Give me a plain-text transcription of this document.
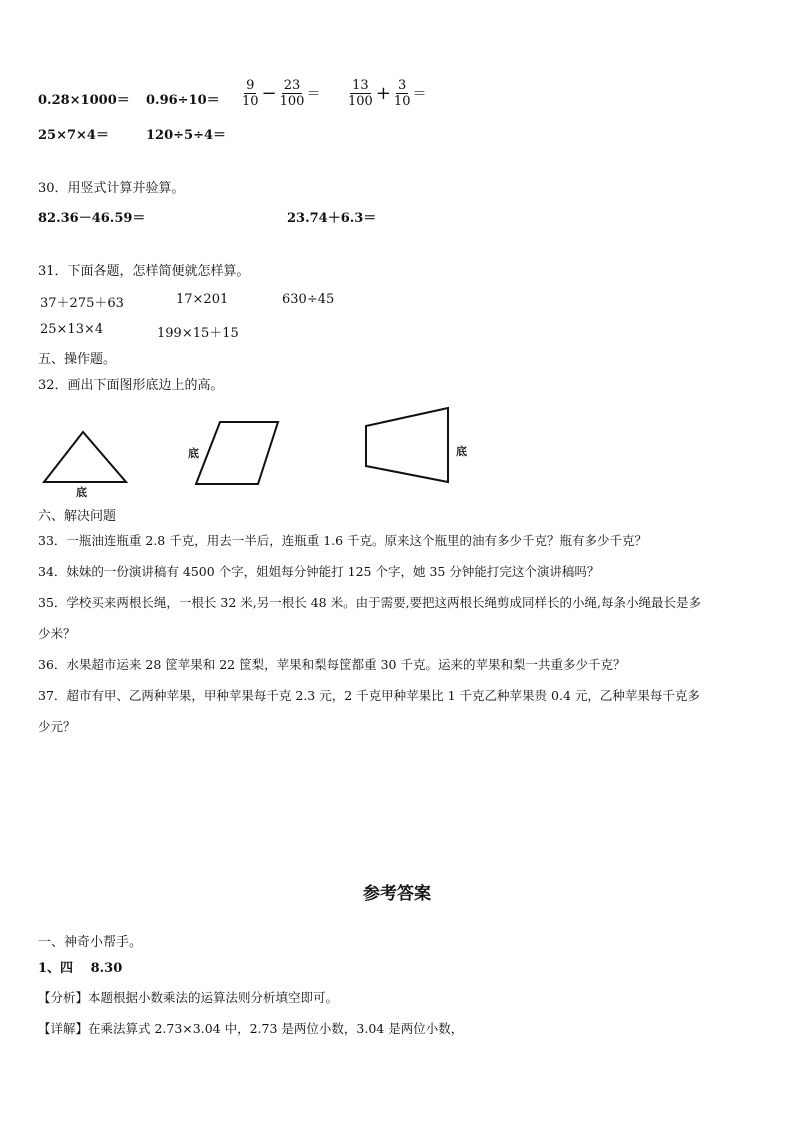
$0.28\times 1000= 0.96\div 10= \frac{9}{10} - \frac{23}{100} = \frac{13}{100} + \frac{3}{10}$ ＝
25×7×4＝	120÷5÷4＝
30．用竖式计算并验算。
82.36－46.59＝	23.74＋6.3＝
31．下面各题，怎样简便就怎样算。
37＋275＋63	17×201	630÷45
25×13×4	199×15＋15
五、操作题。
32．画出下面图形底边上的高。
底
底	底
六、解决问题
33．一瓶油连瓶重 2.8 千克，用去一半后，连瓶重 1.6 千克。原来这个瓶里的油有多少千克？瓶有多少千克？
34．妹妹的一份演讲稿有 4500 个字，姐姐每分钟能打 125 个字，她 35 分钟能打完这个演讲稿吗？
35．学校买来两根长绳，一根长 32 米,另一根长 48 米。由于需要,要把这两根长绳剪成同样长的小绳,每条小绳最长是多
少米？
36．水果超市运来 28 筐苹果和 22 筐梨，苹果和梨每筐都重 30 千克。运来的苹果和梨一共重多少千克？
37．超市有甲、乙两种苹果，甲种苹果每千克 2.3 元，2 千克甲种苹果比 1 千克乙种苹果贵 0.4 元，乙种苹果每千克多
少元？
参考答案
一、神奇小帮手。
1、四　 8.30
【分析】本题根据小数乘法的运算法则分析填空即可。
【详解】在乘法算式 2.73×3.04 中，2.73 是两位小数，3.04 是两位小数，
